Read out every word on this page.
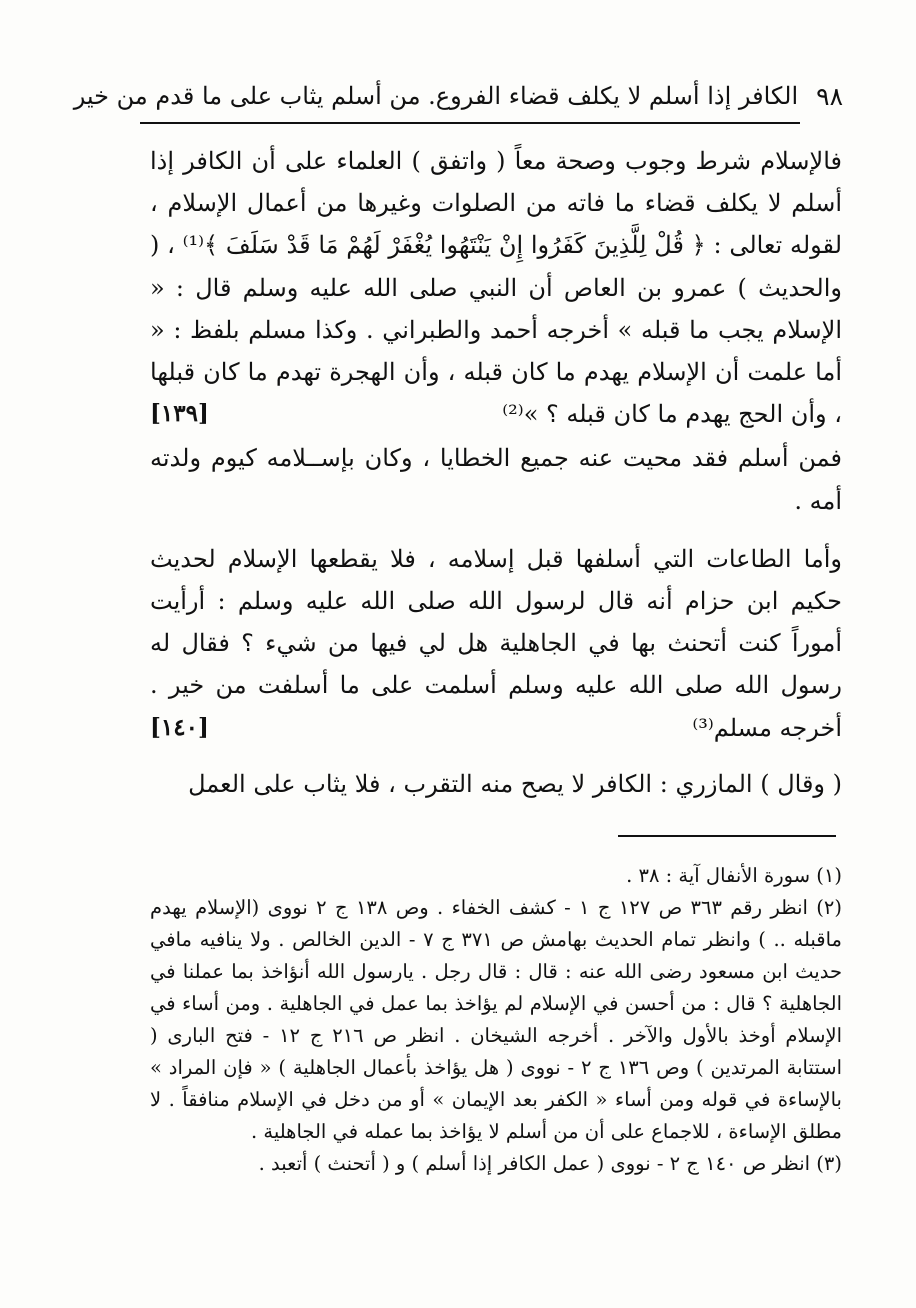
٩٨
الكافر إذا أسلم لا يكلف قضاء الفروع. من أسلم يثاب على ما قدم من خير

فالإسلام شرط وجوب وصحة معاً ( واتفق ) العلماء على أن الكافر إذا أسلم لا يكلف قضاء ما فاته من الصلوات وغيرها من أعمال الإسلام ، لقوله تعالى : ﴿ قُلْ لِلَّذِينَ كَفَرُوا إِنْ يَنْتَهُوا يُغْفَرْ لَهُمْ مَا قَدْ سَلَفَ ﴾⁽¹⁾ ، ( والحديث ) عمرو بن العاص أن النبي صلى الله عليه وسلم قال : « الإسلام يجب ما قبله » أخرجه أحمد والطبراني . وكذا مسلم بلفظ : « أما علمت أن الإسلام يهدم ما كان قبله ، وأن الهجرة تهدم ما كان قبلها ، وأن الحج يهدم ما كان قبله ؟ »⁽²⁾
[١٣٩]

فمن أسلم فقد محيت عنه جميع الخطايا ، وكان بإســلامه كيوم ولدته أمه .

وأما الطاعات التي أسلفها قبل إسلامه ، فلا يقطعها الإسلام لحديث حكيم ابن حزام أنه قال لرسول الله صلى الله عليه وسلم : أرأيت أموراً كنت أتحنث بها في الجاهلية هل لي فيها من شيء ؟ فقال له رسول الله صلى الله عليه وسلم أسلمت على ما أسلفت من خير . أخرجه مسلم⁽³⁾
[١٤٠]

( وقال ) المازري : الكافر لا يصح منه التقرب ، فلا يثاب على العمل

(١) سورة الأنفال آية : ٣٨ .

(٢) انظر رقم ٣٦٣ ص ١٢٧ ج ١ - كشف الخفاء . وص ١٣٨ ج ٢ نووى (الإسلام يهدم ماقبله .. ) وانظر تمام الحديث بهامش ص ٣٧١ ج ٧ - الدين الخالص . ولا ينافيه مافي حديث ابن مسعود رضى الله عنه : قال : قال رجل . يارسول الله أنؤاخذ بما عملنا في الجاهلية ؟ قال : من أحسن في الإسلام لم يؤاخذ بما عمل في الجاهلية . ومن أساء في الإسلام أوخذ بالأول والآخر . أخرجه الشيخان . انظر ص ٢١٦ ج ١٢ - فتح البارى ( استتابة المرتدين ) وص ١٣٦ ج ٢ - نووى ( هل يؤاخذ بأعمال الجاهلية ) « فإن المراد » بالإساءة في قوله ومن أساء « الكفر بعد الإيمان » أو من دخل في الإسلام منافقاً . لا مطلق الإساءة ، للاجماع على أن من أسلم لا يؤاخذ بما عمله في الجاهلية .

(٣) انظر ص ١٤٠ ج ٢ - نووى ( عمل الكافر إذا أسلم ) و ( أتحنث ) أتعبد .
